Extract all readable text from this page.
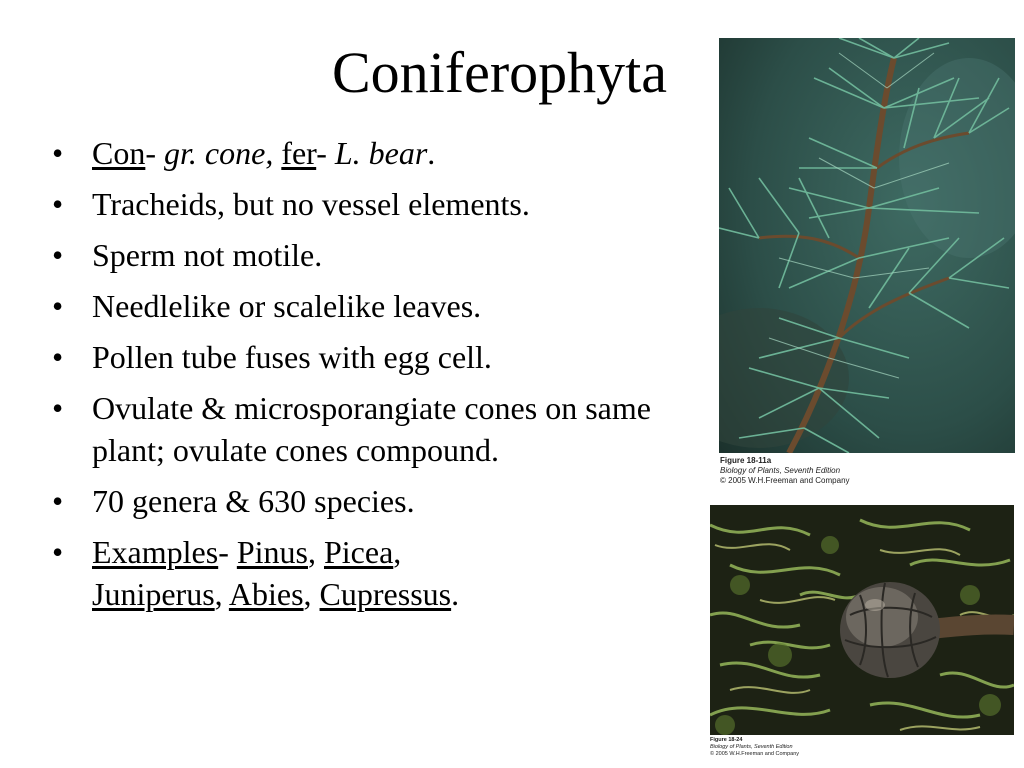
Coniferophyta
• Con- gr. cone, fer- L. bear.
• Tracheids, but no vessel elements.
• Sperm not motile.
• Needlelike or scalelike leaves.
• Pollen tube fuses with egg cell.
• Ovulate & microsporangiate cones on same plant; ovulate cones compound.
• 70 genera & 630 species.
• Examples- Pinus, Picea,
Juniperus, Abies, Cupressus.
Figure 18-11a
Biology of Plants, Seventh Edition
© 2005 W.H.Freeman and Company
Figure 18-24
Biology of Plants, Seventh Edition
© 2005 W.H.Freeman and Company
